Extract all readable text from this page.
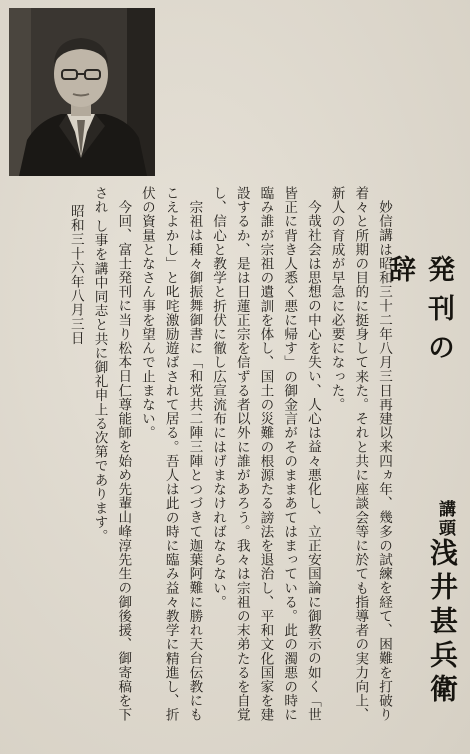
発刊の辞
講頭
浅井甚兵衛

妙信講は昭和三十二年八月三日再建以来四ヵ年、幾多の試練を経て、困難を打破り着々と所期の目的に挺身して来た。それと共に座談会等に於ても指導者の実力向上、新人の育成が早急に必要になった。

今哉社会は思想の中心を失い、人心は益々悪化し、立正安国論に御教示の如く「世皆正に背き人悉く悪に帰す」の御金言がそのままあてはまっている。此の濁悪の時に臨み誰が宗祖の遺訓を体し、国土の災難の根源たる謗法を退治し、平和文化国家を建設するか、是は日蓮正宗を信ずる者以外に誰があろう。我々は宗祖の末弟たるを自覚し、信心と教学と折伏に徹し広宣流布にはげまなければならない。

宗祖は種々御振舞御書に「和党共二陣三陣とつづきて迦葉阿難に勝れ天台伝教にもこえよかし」と叱咤激励遊ばされて居る。吾人は此の時に臨み益々教学に精進し、折伏の資量となさん事を望んで止まない。

今回、富士発刊に当り松本日仁尊能師を始め先輩山峰淳先生の御後援、御寄稿を下され し事を講中同志と共に御礼申上る次第であります。

昭和三十六年八月三日
